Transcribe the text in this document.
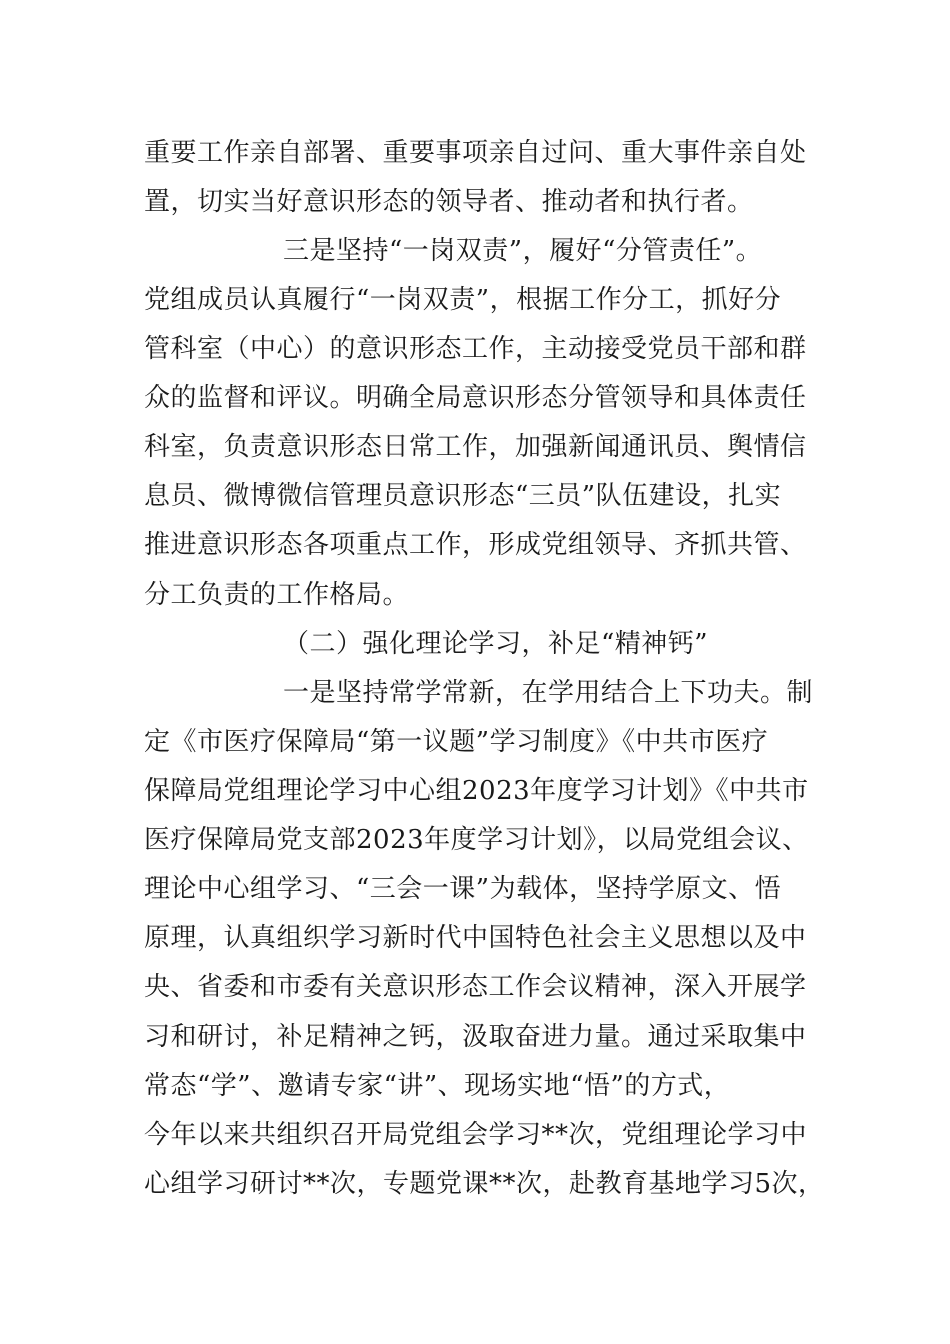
重要工作亲自部署、重要事项亲自过问、重大事件亲自处
置，切实当好意识形态的领导者、推动者和执行者。
三是坚持“一岗双责”，履好“分管责任”。
党组成员认真履行“一岗双责”，根据工作分工，抓好分
管科室（中心）的意识形态工作，主动接受党员干部和群
众的监督和评议。明确全局意识形态分管领导和具体责任
科室，负责意识形态日常工作，加强新闻通讯员、舆情信
息员、微博微信管理员意识形态“三员”队伍建设，扎实
推进意识形态各项重点工作，形成党组领导、齐抓共管、
分工负责的工作格局。
（二）强化理论学习，补足“精神钙”
一是坚持常学常新，在学用结合上下功夫。制
定《市医疗保障局“第一议题”学习制度》《中共市医疗
保障局党组理论学习中心组2023年度学习计划》《中共市
医疗保障局党支部2023年度学习计划》，以局党组会议、
理论中心组学习、“三会一课”为载体，坚持学原文、悟
原理，认真组织学习新时代中国特色社会主义思想以及中
央、省委和市委有关意识形态工作会议精神，深入开展学
习和研讨，补足精神之钙，汲取奋进力量。通过采取集中
常态“学”、邀请专家“讲”、现场实地“悟”的方式，
今年以来共组织召开局党组会学习**次，党组理论学习中
心组学习研讨**次，专题党课**次，赴教育基地学习5次，
